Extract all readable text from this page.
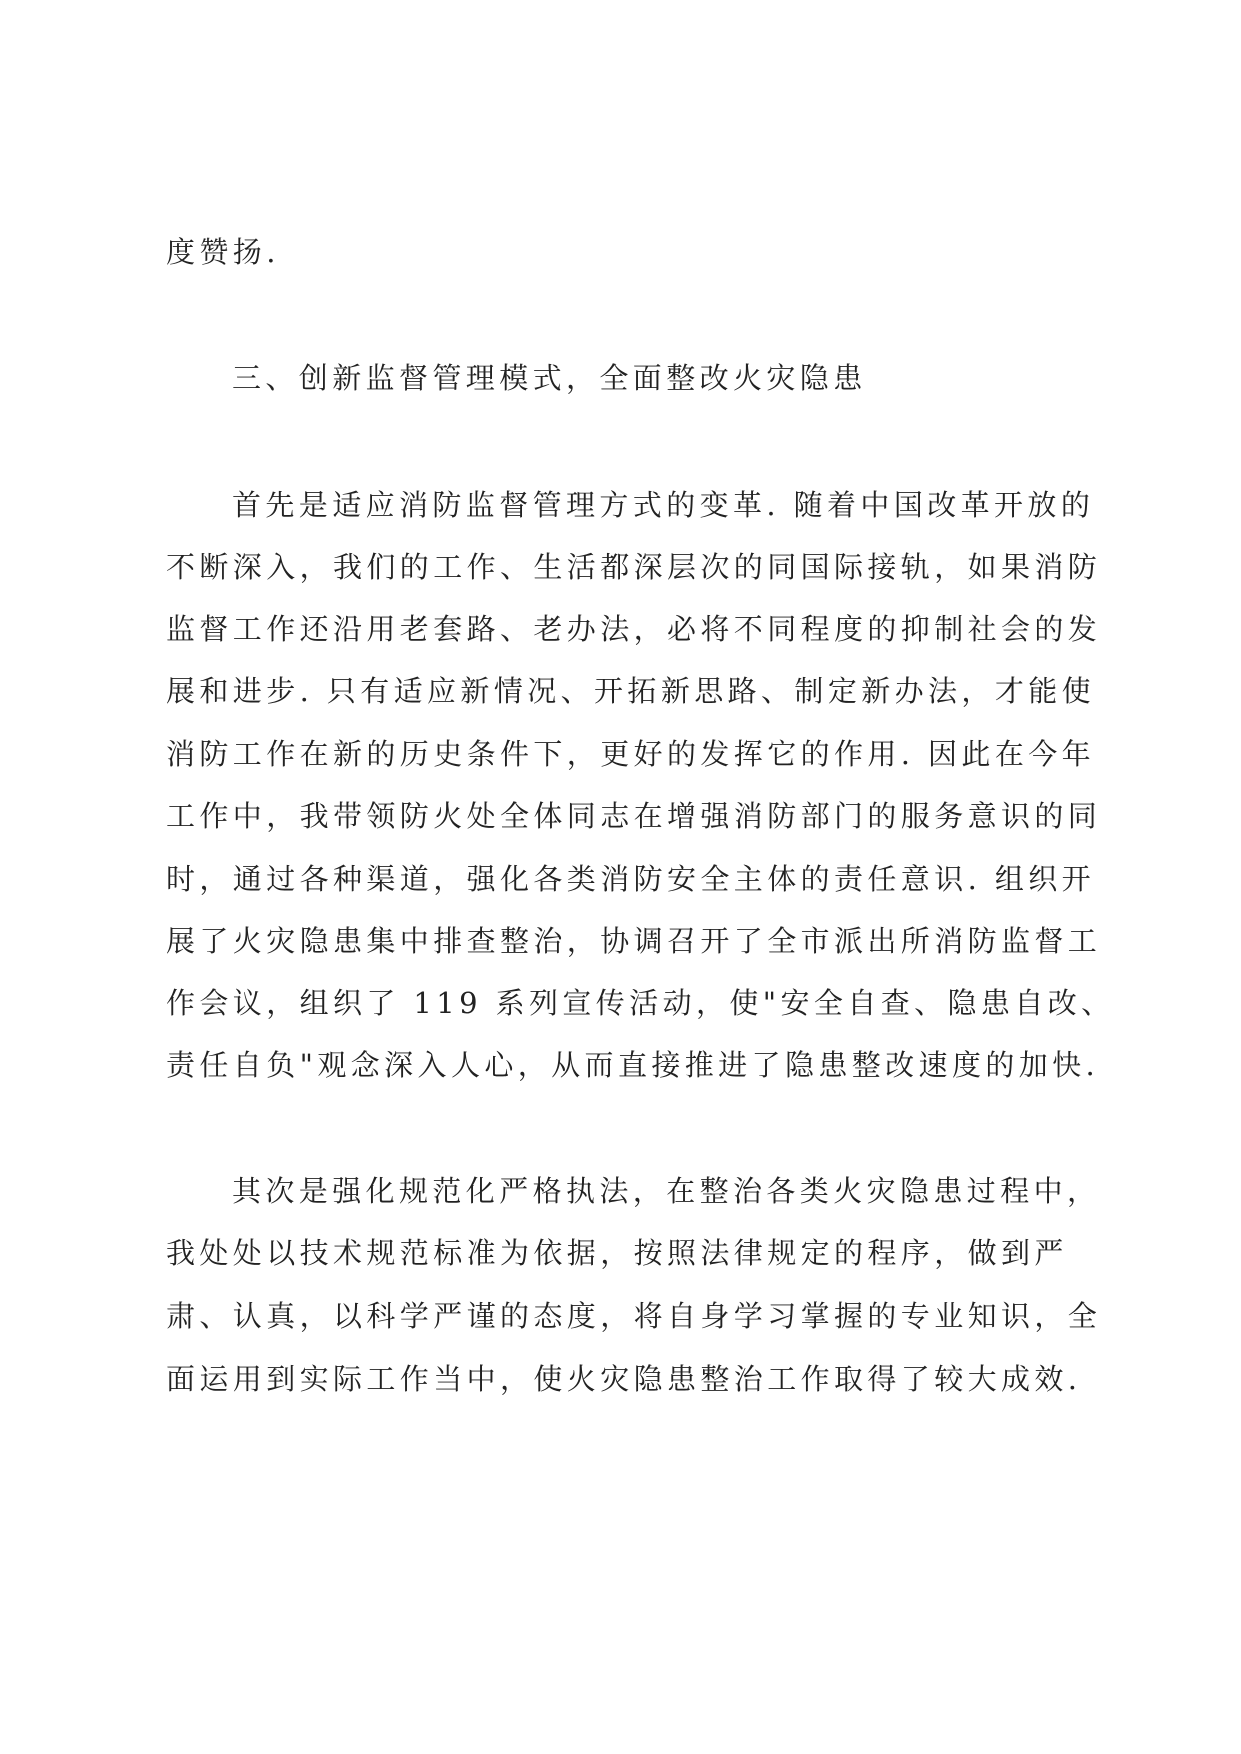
度赞扬.
三、创新监督管理模式，全面整改火灾隐患
首先是适应消防监督管理方式的变革. 随着中国改革开放的
不断深入，我们的工作、生活都深层次的同国际接轨，如果消防
监督工作还沿用老套路、老办法，必将不同程度的抑制社会的发
展和进步. 只有适应新情况、开拓新思路、制定新办法，才能使
消防工作在新的历史条件下，更好的发挥它的作用. 因此在今年
工作中，我带领防火处全体同志在增强消防部门的服务意识的同
时，通过各种渠道，强化各类消防安全主体的责任意识. 组织开
展了火灾隐患集中排查整治，协调召开了全市派出所消防监督工
作会议，组织了 119 系列宣传活动，使"安全自查、隐患自改、
责任自负"观念深入人心，从而直接推进了隐患整改速度的加快.
其次是强化规范化严格执法，在整治各类火灾隐患过程中，
我处处以技术规范标准为依据，按照法律规定的程序，做到严
肃、认真，以科学严谨的态度，将自身学习掌握的专业知识，全
面运用到实际工作当中，使火灾隐患整治工作取得了较大成效.
